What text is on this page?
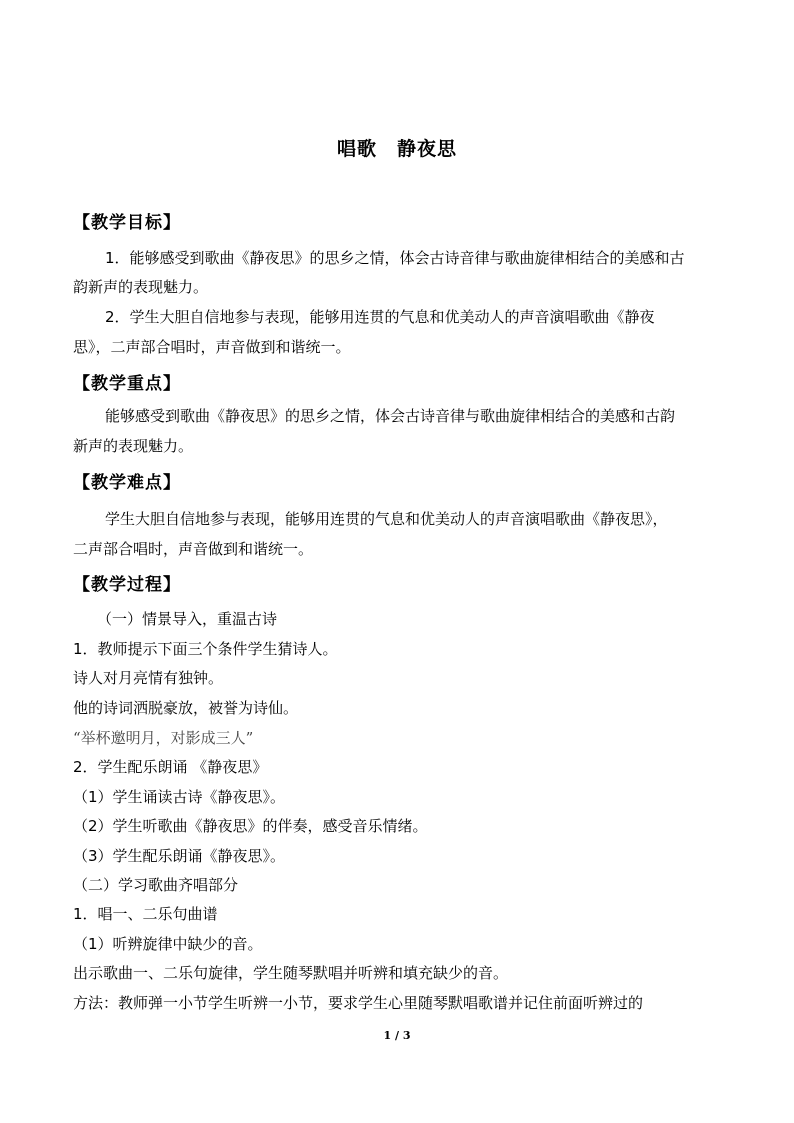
唱歌　静夜思
【教学目标】
1．能够感受到歌曲《静夜思》的思乡之情，体会古诗音律与歌曲旋律相结合的美感和古
韵新声的表现魅力。
2．学生大胆自信地参与表现，能够用连贯的气息和优美动人的声音演唱歌曲《静夜
思》，二声部合唱时，声音做到和谐统一。
【教学重点】
能够感受到歌曲《静夜思》的思乡之情，体会古诗音律与歌曲旋律相结合的美感和古韵
新声的表现魅力。
【教学难点】
学生大胆自信地参与表现，能够用连贯的气息和优美动人的声音演唱歌曲《静夜思》，
二声部合唱时，声音做到和谐统一。
【教学过程】
（一）情景导入，重温古诗
1．教师提示下面三个条件学生猜诗人。
诗人对月亮情有独钟。
他的诗词洒脱豪放，被誉为诗仙。
“举杯邀明月，对影成三人”
2．学生配乐朗诵 《静夜思》
（1）学生诵读古诗《静夜思》。
（2）学生听歌曲《静夜思》的伴奏，感受音乐情绪。
（3）学生配乐朗诵《静夜思》。
（二）学习歌曲齐唱部分
1．唱一、二乐句曲谱
（1）听辨旋律中缺少的音。
出示歌曲一、二乐句旋律，学生随琴默唱并听辨和填充缺少的音。
方法：教师弹一小节学生听辨一小节，要求学生心里随琴默唱歌谱并记住前面听辨过的
1 / 3
